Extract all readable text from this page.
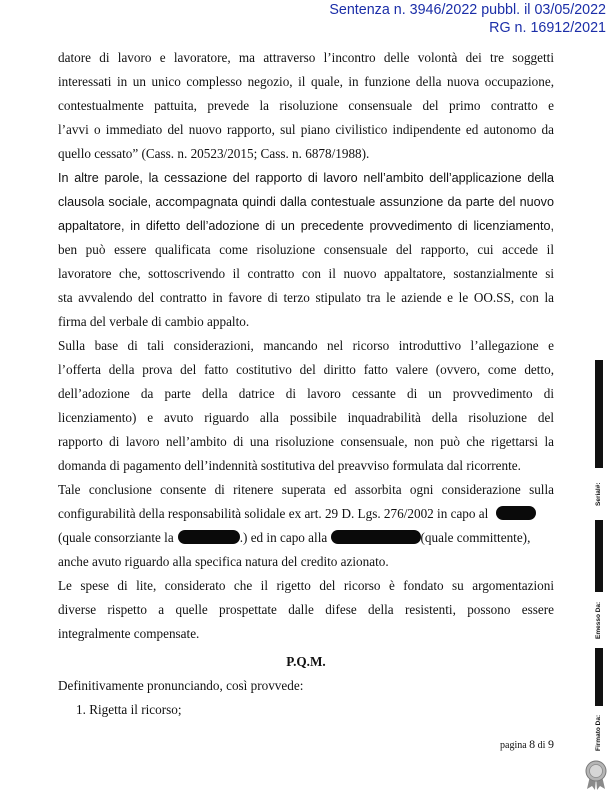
Sentenza n. 3946/2022 pubbl. il 03/05/2022
RG n. 16912/2021
datore di lavoro e lavoratore, ma attraverso l’incontro delle volontà dei tre soggetti
interessati in un unico complesso negozio, il quale, in funzione della nuova occupazione,
contestualmente pattuita, prevede la risoluzione consensuale del primo contratto e
l’avvi o immediato del nuovo rapporto, sul piano civilistico indipendente ed autonomo da
quello cessato” (Cass. n. 20523/2015; Cass. n. 6878/1988).
In altre parole, la cessazione del rapporto di lavoro nell’ambito dell’applicazione della
clausola sociale, accompagnata quindi dalla contestuale assunzione da parte del nuovo
appaltatore, in difetto dell’adozione di un precedente provvedimento di licenziamento,
ben può essere qualificata come risoluzione consensuale del rapporto, cui accede il
lavoratore che, sottoscrivendo il contratto con il nuovo appaltatore, sostanzialmente si
sta avvalendo del contratto in favore di terzo stipulato tra le aziende e le OO.SS, con la
firma del verbale di cambio appalto.
Sulla base di tali considerazioni, mancando nel ricorso introduttivo l’allegazione e
l’offerta della prova del fatto costitutivo del diritto fatto valere (ovvero, come detto,
dell’adozione da parte della datrice di lavoro cessante di un provvedimento di
licenziamento) e avuto riguardo alla possibile inquadrabilità della risoluzione del
rapporto di lavoro nell’ambito di una risoluzione consensuale, non può che rigettarsi la
domanda di pagamento dell’indennità sostitutiva del preavviso formulata dal ricorrente.
Tale conclusione consente di ritenere superata ed assorbita ogni considerazione sulla
configurabilità della responsabilità solidale ex art. 29 D. Lgs. 276/2002 in capo al
(quale consorziante la	.) ed in capo alla	(quale committente),
anche avuto riguardo alla specifica natura del credito azionato.
Le spese di lite, considerato che il rigetto del ricorso è fondato su argomentazioni
diverse rispetto a quelle prospettate dalle difese della resistenti, possono essere
integralmente compensate.
P.Q.M.
Definitivamente pronunciando, così provvede:
1. Rigetta il ricorso;
pagina 8 di 9
Serial#:
Emesso Da:
Firmato Da:
